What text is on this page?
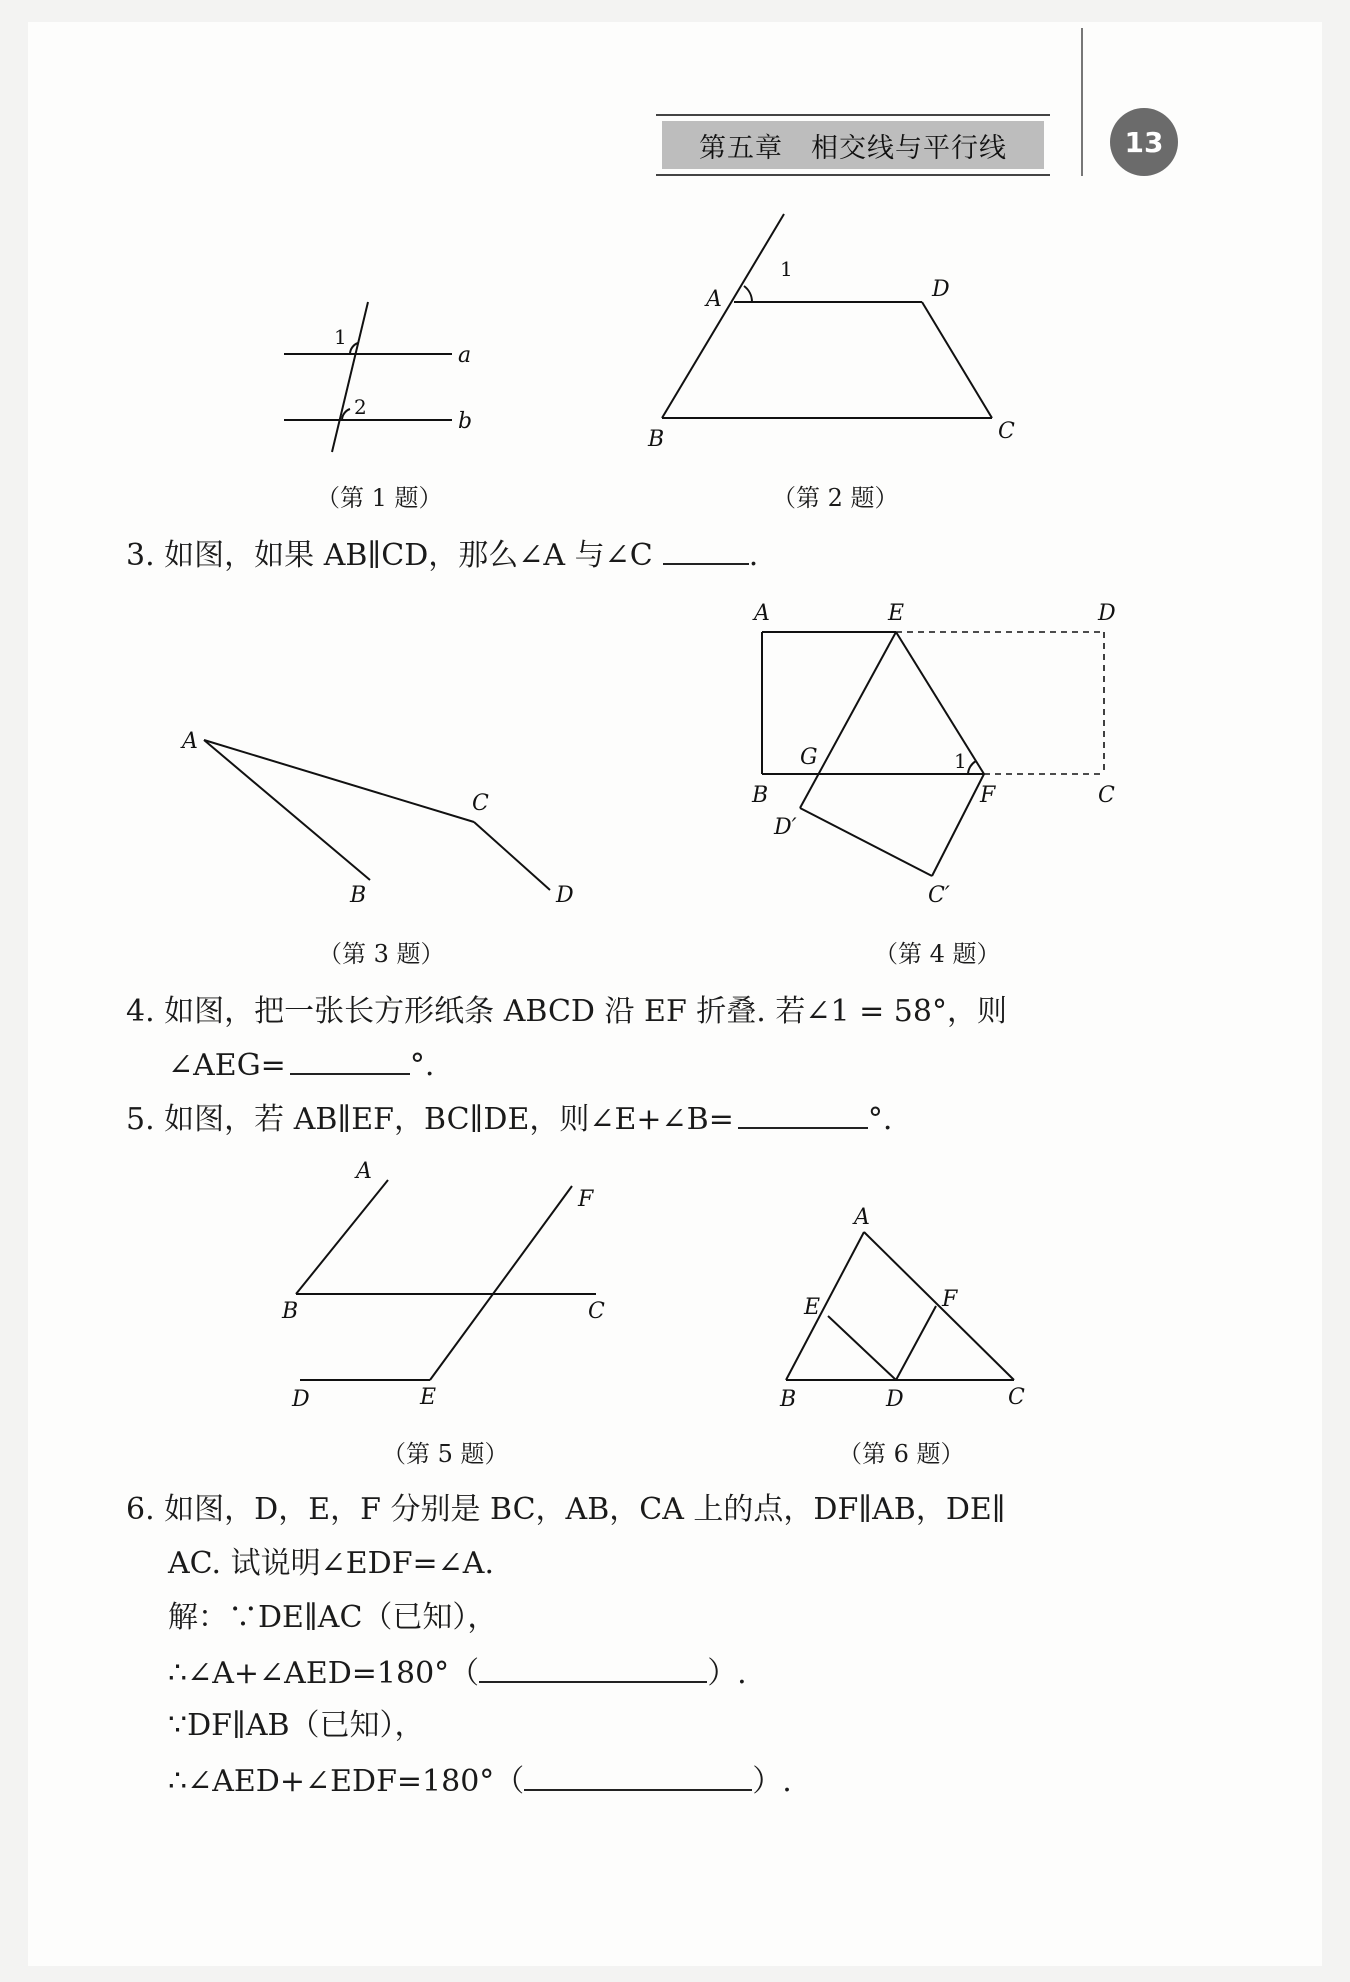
第五章　相交线与平行线	13
1
2
a
b
（第 1 题）
A
1
D
B	C
（第 2 题）
3. 如图，如果 AB∥CD，那么∠A 与∠C	.
A
B
C
D
（第 3 题）
A	E	D
G	1
B	F	C
D′
C′
（第 4 题）
4. 如图，把一张长方形纸条 ABCD 沿 EF 折叠. 若∠1 = 58°，则
∠AEG=	°.
5. 如图，若 AB∥EF，BC∥DE，则∠E+∠B=	°.
A
F
B	C
D	E
（第 5 题）
A
E	F
B	D	C
（第 6 题）
6. 如图，D，E，F 分别是 BC，AB，CA 上的点，DF∥AB，DE∥
AC. 试说明∠EDF=∠A.
解：∵DE∥AC（已知），
∴∠A+∠AED=180°（	）.
∵DF∥AB（已知），
∴∠AED+∠EDF=180°（	）.
